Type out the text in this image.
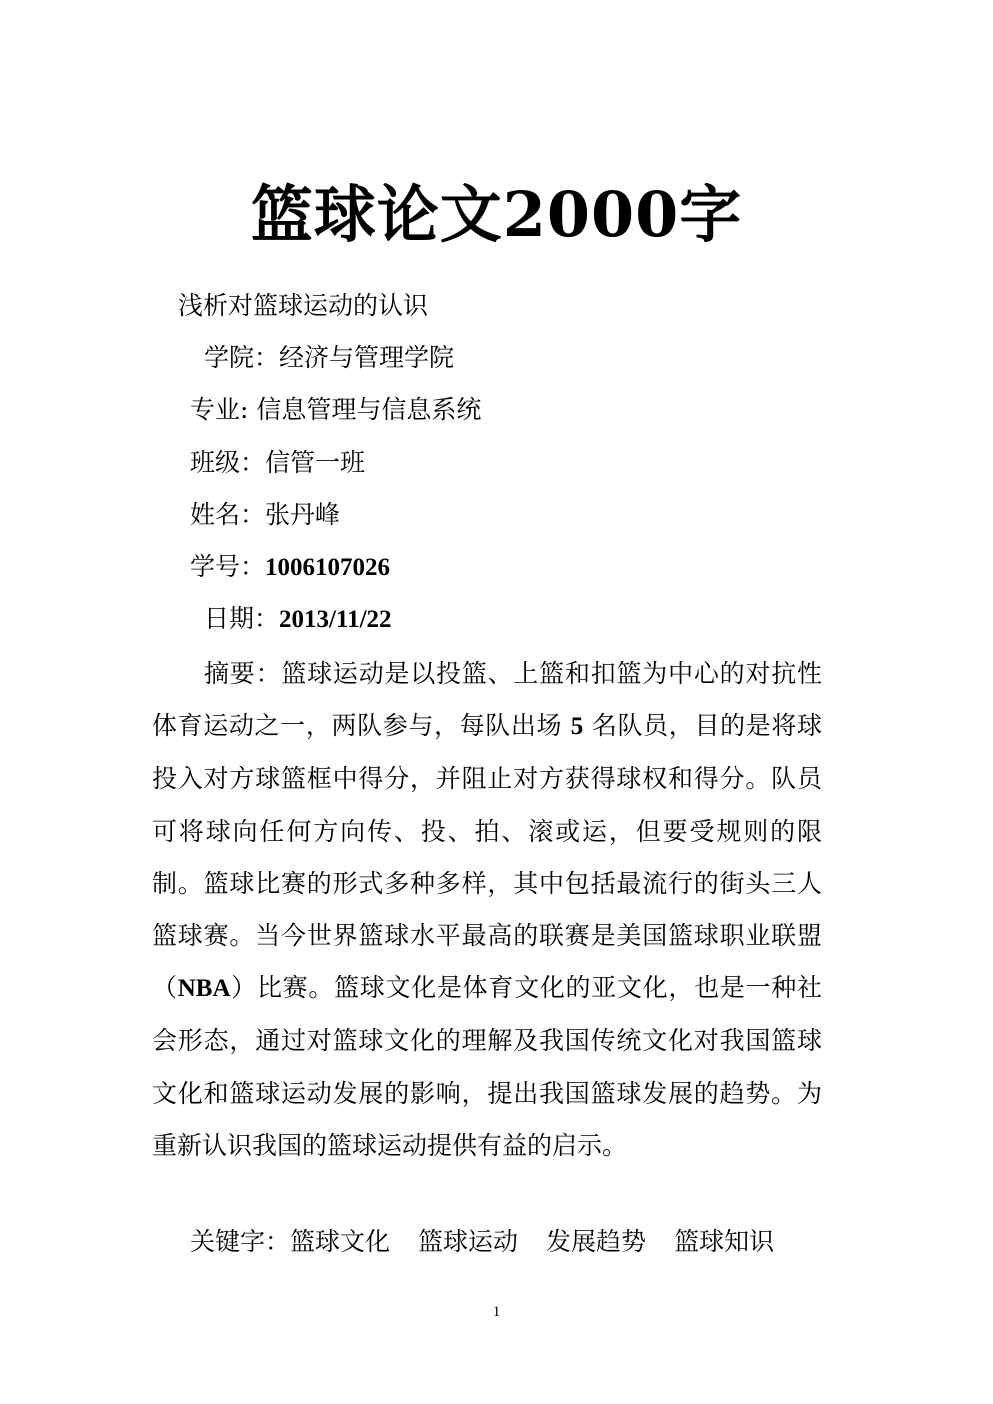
篮球论文2000字
浅析对篮球运动的认识
学院：经济与管理学院
专业: 信息管理与信息系统
班级：信管一班
姓名：张丹峰
学号：1006107026
日期：2013/11/22
摘要：篮球运动是以投篮、上篮和扣篮为中心的对抗性体育运动之一，两队参与，每队出场 5 名队员，目的是将球投入对方球篮框中得分，并阻止对方获得球权和得分。队员可将球向任何方向传、投、拍、滚或运，但要受规则的限制。篮球比赛的形式多种多样，其中包括最流行的街头三人篮球赛。当今世界篮球水平最高的联赛是美国篮球职业联盟（NBA）比赛。篮球文化是体育文化的亚文化，也是一种社会形态，通过对篮球文化的理解及我国传统文化对我国篮球文化和篮球运动发展的影响，提出我国篮球发展的趋势。为重新认识我国的篮球运动提供有益的启示。
关键字：篮球文化 篮球运动 发展趋势 篮球知识
1
